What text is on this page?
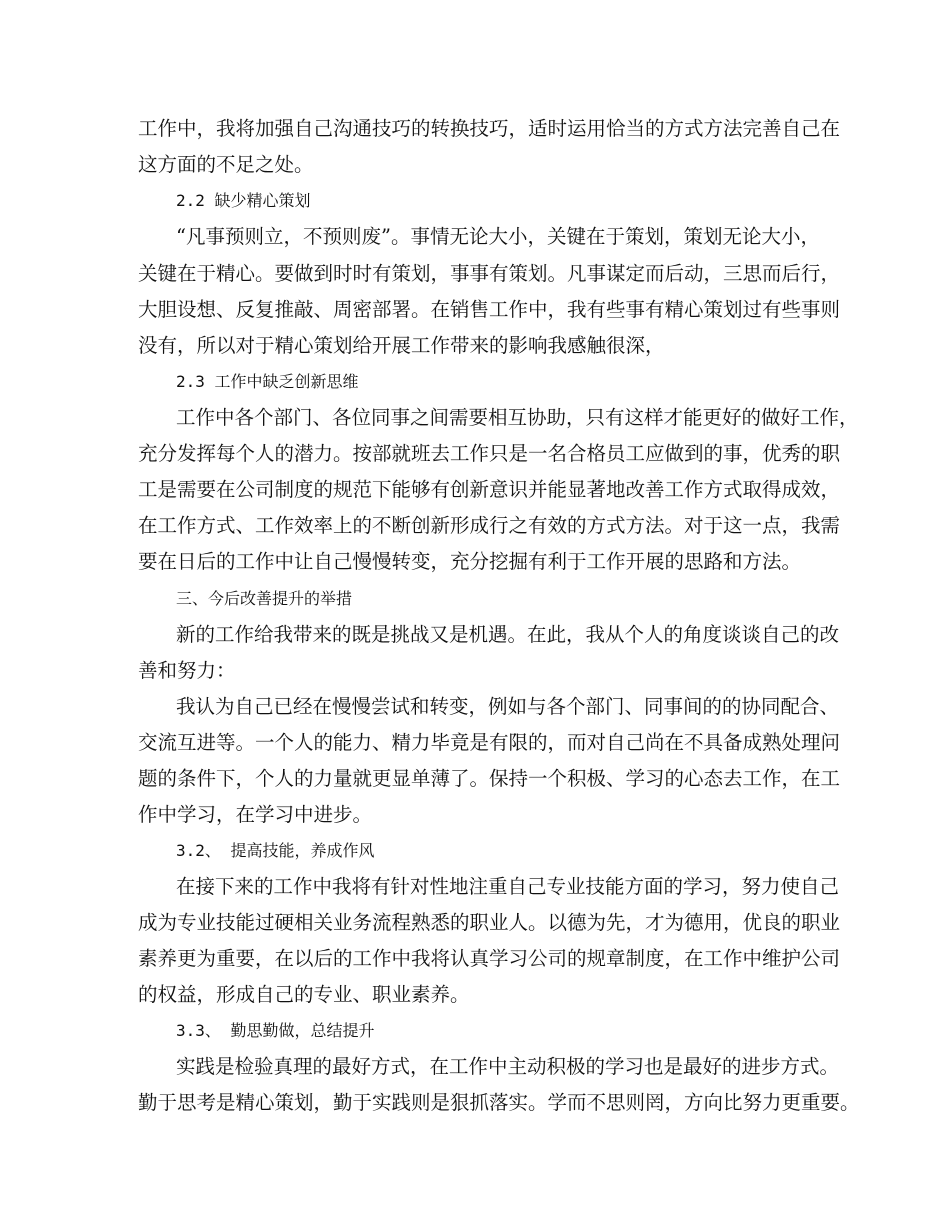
工作中，我将加强自己沟通技巧的转换技巧，适时运用恰当的方式方法完善自己在
这方面的不足之处。
2.2 缺少精心策划
“凡事预则立，不预则废”。事情无论大小，关键在于策划，策划无论大小，
关键在于精心。要做到时时有策划，事事有策划。凡事谋定而后动，三思而后行，
大胆设想、反复推敲、周密部署。在销售工作中，我有些事有精心策划过有些事则
没有，所以对于精心策划给开展工作带来的影响我感触很深，
2.3 工作中缺乏创新思维
工作中各个部门、各位同事之间需要相互协助，只有这样才能更好的做好工作，
充分发挥每个人的潜力。按部就班去工作只是一名合格员工应做到的事，优秀的职
工是需要在公司制度的规范下能够有创新意识并能显著地改善工作方式取得成效，
在工作方式、工作效率上的不断创新形成行之有效的方式方法。对于这一点，我需
要在日后的工作中让自己慢慢转变，充分挖掘有利于工作开展的思路和方法。
三、今后改善提升的举措
新的工作给我带来的既是挑战又是机遇。在此，我从个人的角度谈谈自己的改
善和努力：
我认为自己已经在慢慢尝试和转变，例如与各个部门、同事间的的协同配合、
交流互进等。一个人的能力、精力毕竟是有限的，而对自己尚在不具备成熟处理问
题的条件下，个人的力量就更显单薄了。保持一个积极、学习的心态去工作，在工
作中学习，在学习中进步。
3.2、 提高技能，养成作风
在接下来的工作中我将有针对性地注重自己专业技能方面的学习，努力使自己
成为专业技能过硬相关业务流程熟悉的职业人。以德为先，才为德用，优良的职业
素养更为重要，在以后的工作中我将认真学习公司的规章制度，在工作中维护公司
的权益，形成自己的专业、职业素养。
3.3、 勤思勤做，总结提升
实践是检验真理的最好方式，在工作中主动积极的学习也是最好的进步方式。
勤于思考是精心策划，勤于实践则是狠抓落实。学而不思则罔，方向比努力更重要。
